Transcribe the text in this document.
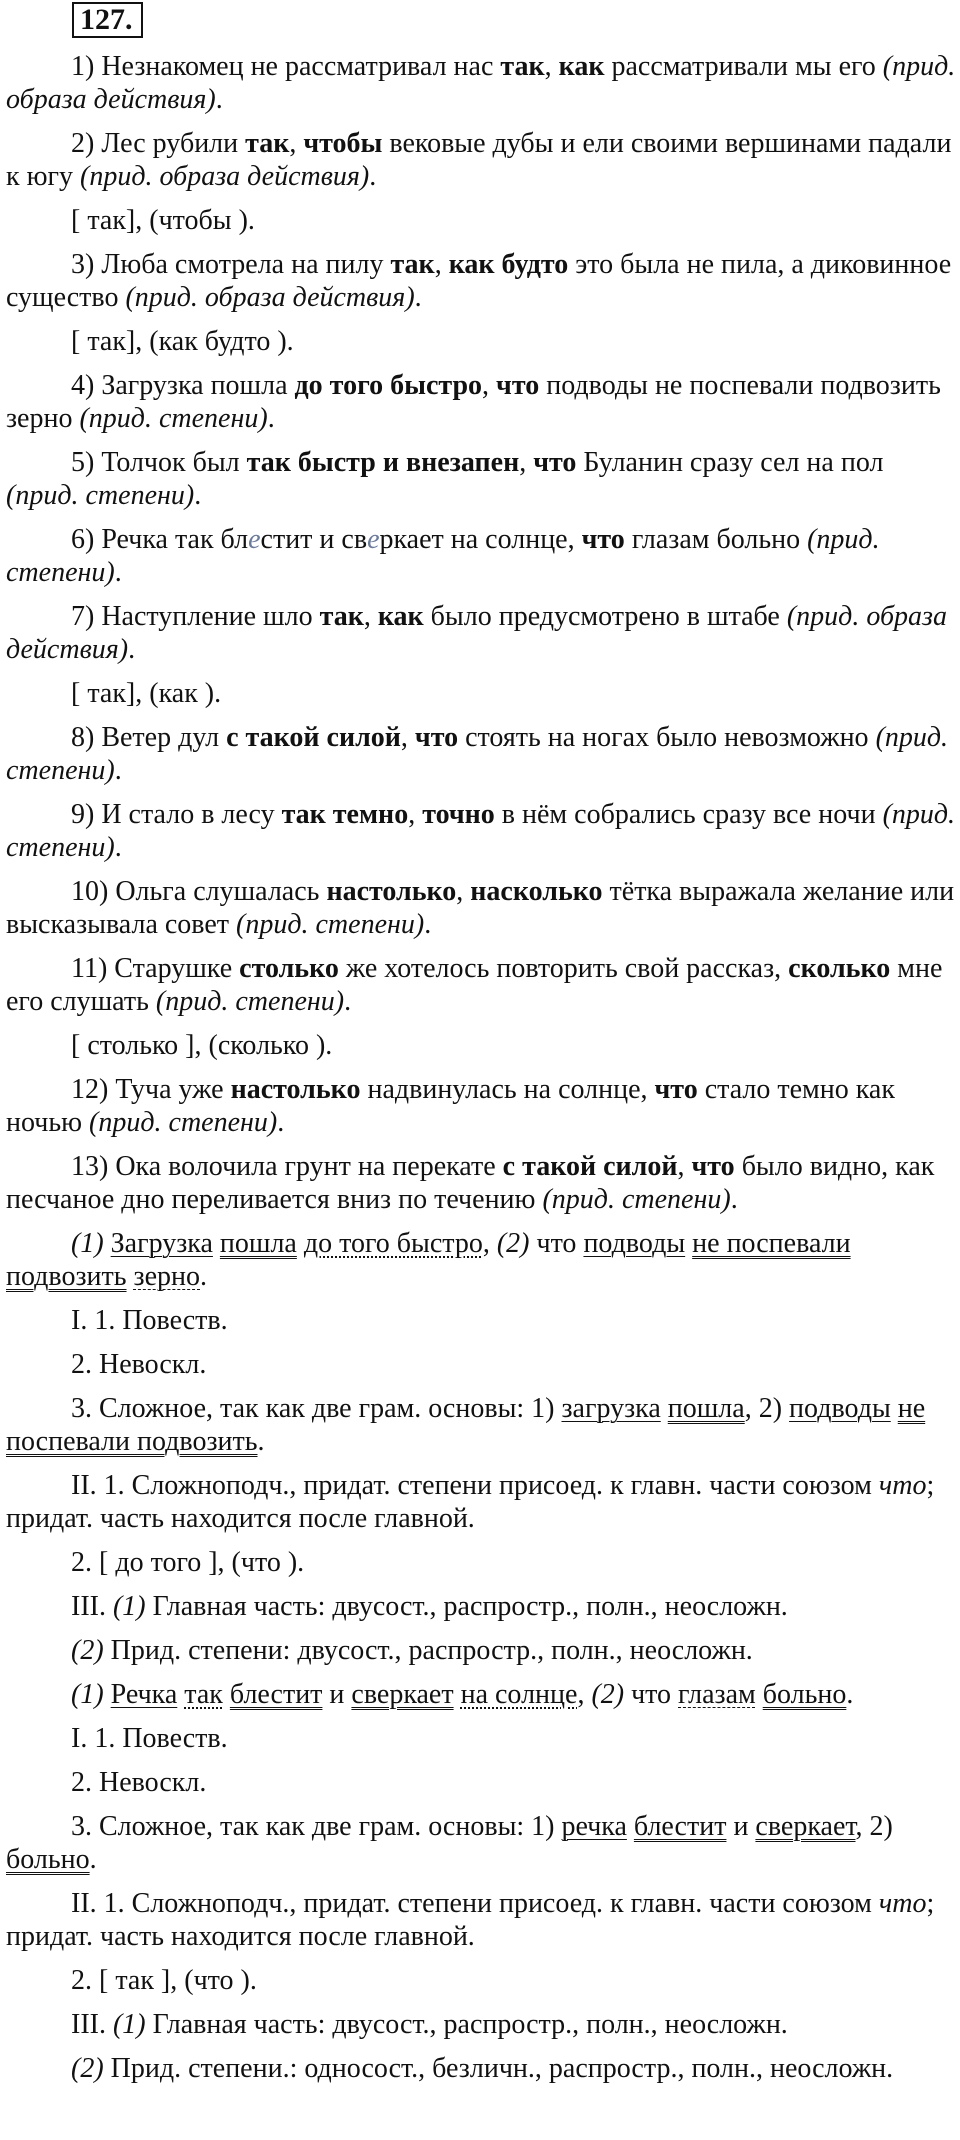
127.

1) Незнакомец не рассматривал нас так, как рассматривали мы его (прид. образа действия).

2) Лес рубили так, чтобы вековые дубы и ели своими вершинами падали к югу (прид. образа действия).

[ так], (чтобы ).

3) Люба смотрела на пилу так, как будто это была не пила, а диковинное существо (прид. образа действия).

[ так], (как будто ).

4) Загрузка пошла до того быстро, что подводы не поспевали подвозить зерно (прид. степени).

5) Толчок был так быстр и внезапен, что Буланин сразу сел на пол (прид. степени).

6) Речка так блестит и сверкает на солнце, что глазам больно (прид. степени).

7) Наступление шло так, как было предусмотрено в штабе (прид. образа действия).

[ так], (как ).

8) Ветер дул с такой силой, что стоять на ногах было невозможно (прид. степени).

9) И стало в лесу так темно, точно в нём собрались сразу все ночи (прид. степени).

10) Ольга слушалась настолько, насколько тётка выражала желание или высказывала совет (прид. степени).

11) Старушке столько же хотелось повторить свой рассказ, сколько мне его слушать (прид. степени).

[ столько ], (сколько ).

12) Туча уже настолько надвинулась на солнце, что стало темно как ночью (прид. степени).

13) Ока волочила грунт на перекате с такой силой, что было видно, как песчаное дно переливается вниз по течению (прид. степени).

(1) Загрузка пошла до того быстро, (2) что подводы не поспевали подвозить зерно.

I. 1. Повеств.

2. Невоскл.

3. Сложное, так как две грам. основы: 1) загрузка пошла, 2) подводы не поспевали подвозить.

II. 1. Сложноподч., придат. степени присоед. к главн. части союзом что; придат. часть находится после главной.

2. [ до того ], (что ).

III. (1) Главная часть: двусост., распростр., полн., неосложн.

(2) Прид. степени: двусост., распростр., полн., неосложн.

(1) Речка так блестит и сверкает на солнце, (2) что глазам больно.

I. 1. Повеств.

2. Невоскл.

3. Сложное, так как две грам. основы: 1) речка блестит и сверкает, 2) больно.

II. 1. Сложноподч., придат. степени присоед. к главн. части союзом что; придат. часть находится после главной.

2. [ так ], (что ).

III. (1) Главная часть: двусост., распростр., полн., неосложн.

(2) Прид. степени.: односост., безличн., распростр., полн., неосложн.
